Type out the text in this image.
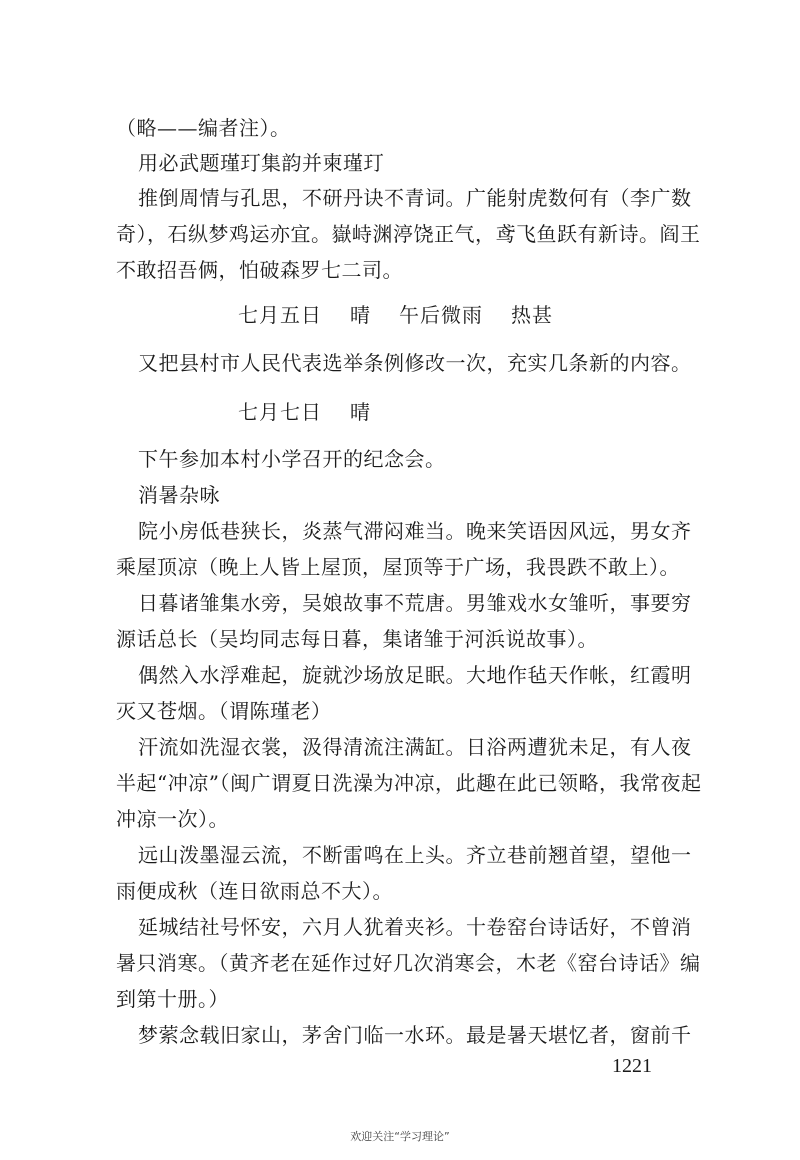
（略——编者注）。
用必武题瑾玎集韵并柬瑾玎
推倒周情与孔思，不研丹诀不青词。广能射虎数何有（李广数
奇），石纵梦鸡运亦宜。嶽峙渊渟饶正气，鸢飞鱼跃有新诗。阎王
不敢招吾俩，怕破森罗七二司。
七月五日 晴 午后微雨 热甚
又把县村市人民代表选举条例修改一次，充实几条新的内容。
七月七日 晴
下午参加本村小学召开的纪念会。
消暑杂咏
院小房低巷狭长，炎蒸气滞闷难当。晚来笑语因风远，男女齐
乘屋顶凉（晚上人皆上屋顶，屋顶等于广场，我畏跌不敢上）。
日暮诸雏集水旁，吴娘故事不荒唐。男雏戏水女雏听，事要穷
源话总长（吴均同志每日暮，集诸雏于河浜说故事）。
偶然入水浮难起，旋就沙场放足眠。大地作毡天作帐，红霞明
灭又苍烟。（谓陈瑾老）
汗流如洗湿衣裳，汲得清流注满缸。日浴两遭犹未足，有人夜
半起“冲凉”（闽广谓夏日洗澡为冲凉，此趣在此已领略，我常夜起
冲凉一次）。
远山泼墨湿云流，不断雷鸣在上头。齐立巷前翘首望，望他一
雨便成秋（连日欲雨总不大）。
延城结社号怀安，六月人犹着夹衫。十卷窑台诗话好，不曾消
暑只消寒。（黄齐老在延作过好几次消寒会，木老《窑台诗话》编
到第十册。）
梦萦念载旧家山，茅舍门临一水环。最是暑天堪忆者，窗前千
1221
欢迎关注“学习理论”
